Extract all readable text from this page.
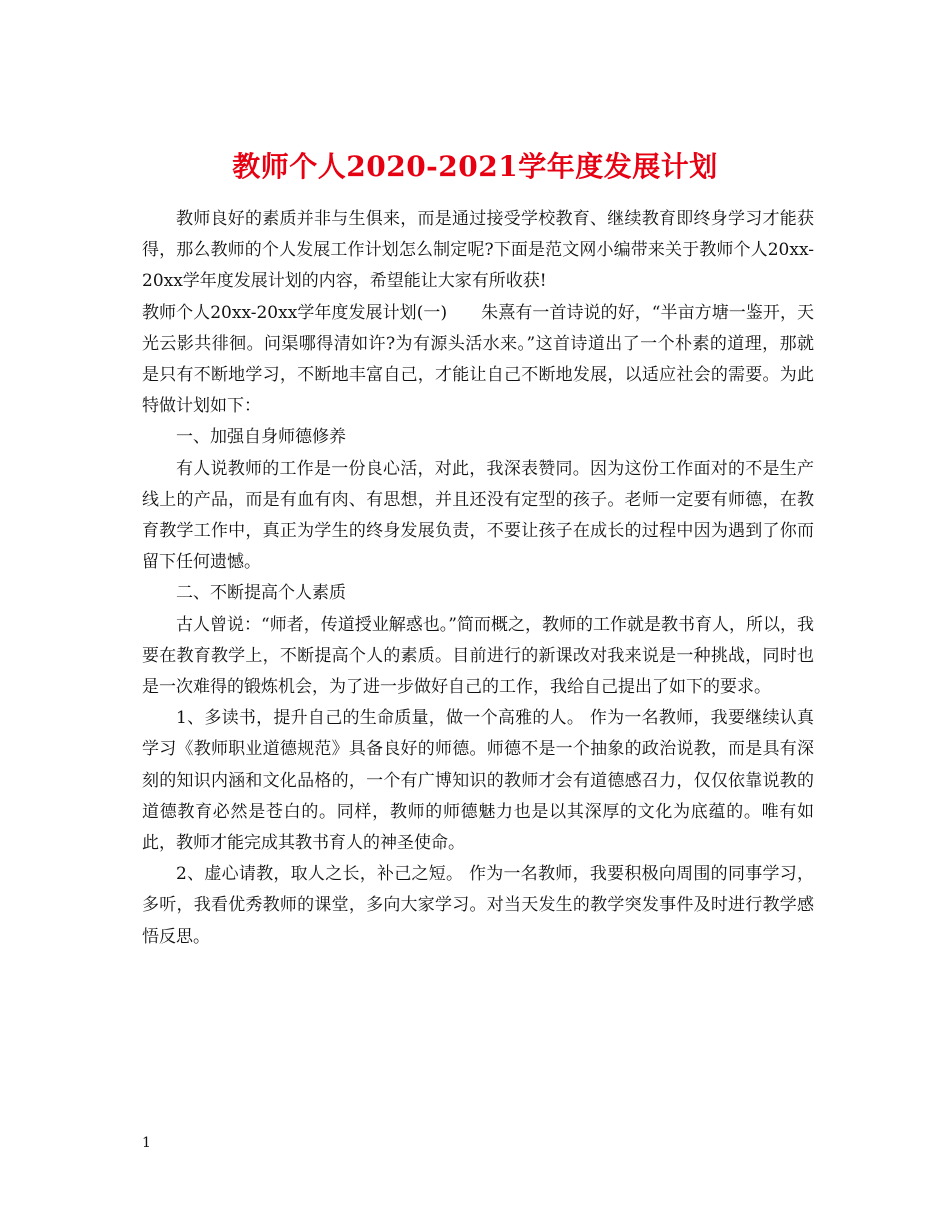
教师个人2020-2021学年度发展计划

教师良好的素质并非与生俱来，而是通过接受学校教育、继续教育即终身学习才能获得，那么教师的个人发展工作计划怎么制定呢?下面是范文网小编带来关于教师个人20xx-20xx学年度发展计划的内容，希望能让大家有所收获!

教师个人20xx-20xx学年度发展计划(一)　　朱熹有一首诗说的好，“半亩方塘一鉴开，天光云影共徘徊。问渠哪得清如许?为有源头活水来。”这首诗道出了一个朴素的道理，那就是只有不断地学习，不断地丰富自己，才能让自己不断地发展，以适应社会的需要。为此特做计划如下：

一、加强自身师德修养

有人说教师的工作是一份良心活，对此，我深表赞同。因为这份工作面对的不是生产线上的产品，而是有血有肉、有思想，并且还没有定型的孩子。老师一定要有师德，在教育教学工作中，真正为学生的终身发展负责，不要让孩子在成长的过程中因为遇到了你而留下任何遗憾。

二、不断提高个人素质

古人曾说：“师者，传道授业解惑也。”简而概之，教师的工作就是教书育人，所以，我要在教育教学上，不断提高个人的素质。目前进行的新课改对我来说是一种挑战，同时也是一次难得的锻炼机会，为了进一步做好自己的工作，我给自己提出了如下的要求。

1、多读书，提升自己的生命质量，做一个高雅的人。 作为一名教师，我要继续认真学习《教师职业道德规范》具备良好的师德。师德不是一个抽象的政治说教，而是具有深刻的知识内涵和文化品格的，一个有广博知识的教师才会有道德感召力，仅仅依靠说教的道德教育必然是苍白的。同样，教师的师德魅力也是以其深厚的文化为底蕴的。唯有如此，教师才能完成其教书育人的神圣使命。

2、虚心请教，取人之长，补己之短。 作为一名教师，我要积极向周围的同事学习，多听，我看优秀教师的课堂，多向大家学习。对当天发生的教学突发事件及时进行教学感悟反思。

1
